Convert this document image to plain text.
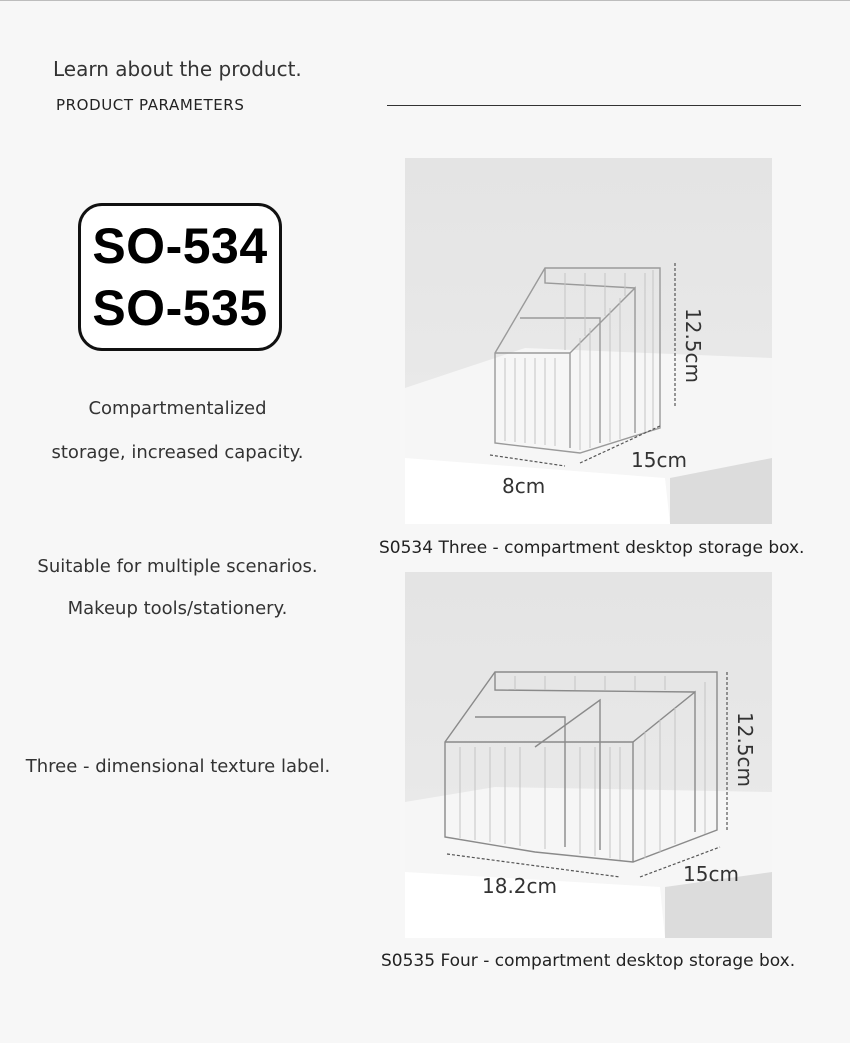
Learn about the product.
PRODUCT PARAMETERS
SO-534
SO-535
Compartmentalized
storage, increased capacity.
Suitable for multiple scenarios.
Makeup tools/stationery.
Three - dimensional texture label.
12.5cm
15cm
8cm
S0534 Three - compartment desktop storage box.
12.5cm
15cm
18.2cm
S0535 Four - compartment desktop storage box.
